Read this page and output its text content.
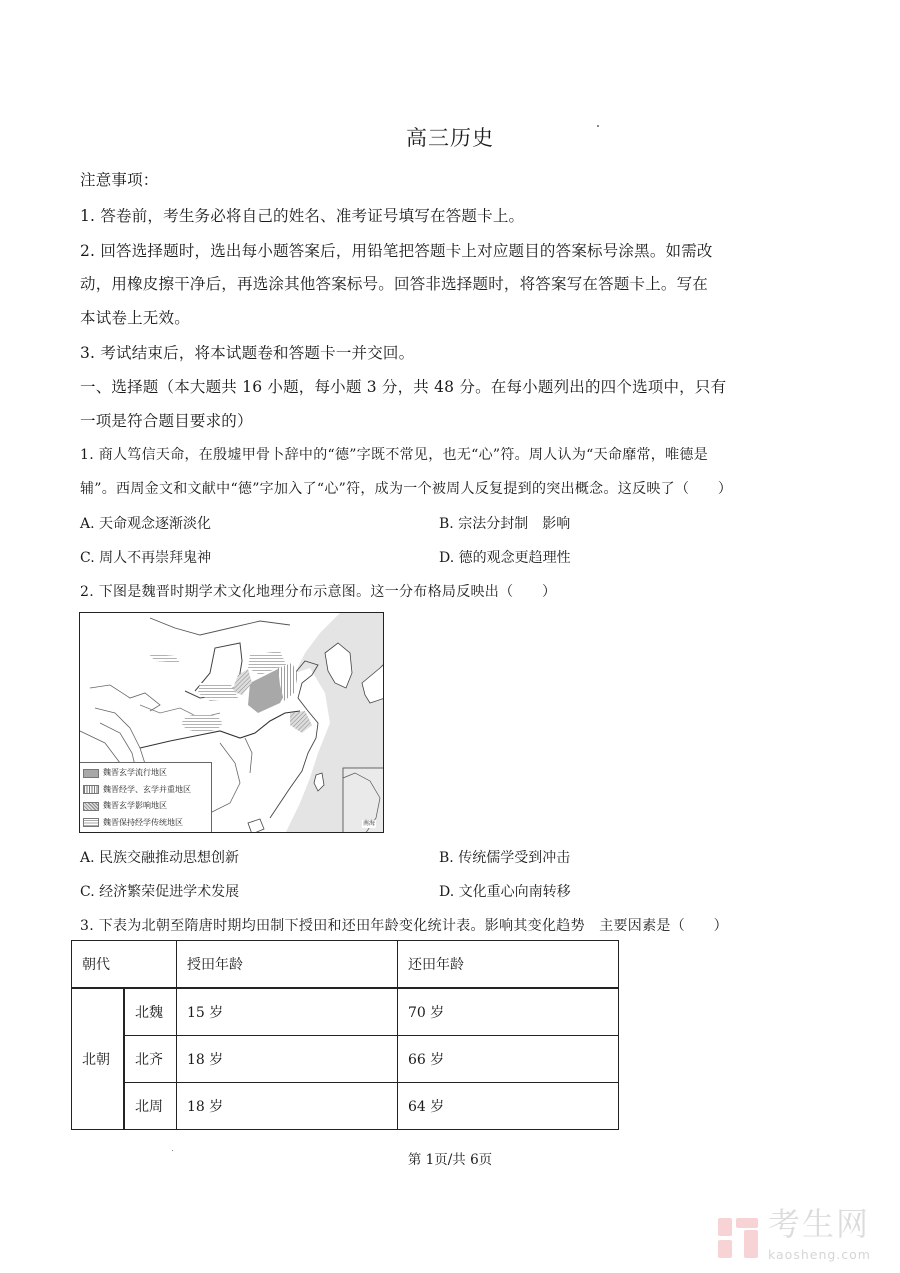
高三历史
注意事项：
1. 答卷前，考生务必将自己的姓名、准考证号填写在答题卡上。
2. 回答选择题时，选出每小题答案后，用铅笔把答题卡上对应题目的答案标号涂黑。如需改
动，用橡皮擦干净后，再选涂其他答案标号。回答非选择题时，将答案写在答题卡上。写在
本试卷上无效。
3. 考试结束后，将本试题卷和答题卡一并交回。
一、选择题（本大题共 16 小题，每小题 3 分，共 48 分。在每小题列出的四个选项中，只有
一项是符合题目要求的）
1. 商人笃信天命，在殷墟甲骨卜辞中的“德”字既不常见，也无“心”符。周人认为“天命靡常，唯德是
辅”。西周金文和文献中“德”字加入了“心”符，成为一个被周人反复提到的突出概念。这反映了（　　）
A. 天命观念逐渐淡化	B. 宗法分封制　影响
C. 周人不再崇拜鬼神	D. 德的观念更趋理性
2. 下图是魏晋时期学术文化地理分布示意图。这一分布格局反映出（　　）
南海
魏晋玄学流行地区
魏晋经学、玄学并重地区
魏晋玄学影响地区
魏晋保持经学传统地区
A. 民族交融推动思想创新	B. 传统儒学受到冲击
C. 经济繁荣促进学术发展	D. 文化重心向南转移
3. 下表为北朝至隋唐时期均田制下授田和还田年龄变化统计表。影响其变化趋势　主要因素是（　　）
朝代		授田年龄	还田年龄
北朝	北魏	15 岁	70 岁
	北齐	18 岁	66 岁
	北周	18 岁	64 岁
第 1页/共 6页
考生网
kaosheng.com
